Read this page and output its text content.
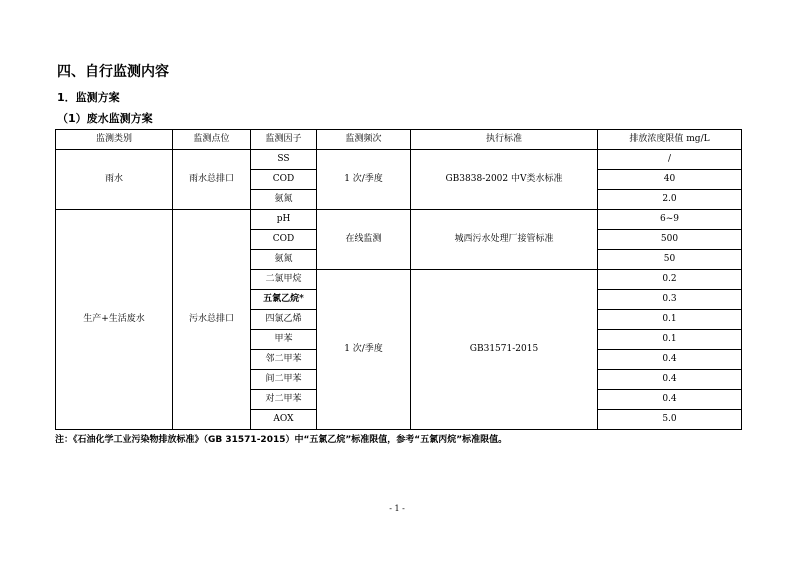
四、自行监测内容
1．监测方案
（1）废水监测方案
监测类别	监测点位	监测因子	监测频次	执行标准	排放浓度限值 mg/L
雨水	雨水总排口	SS	1 次/季度	GB3838-2002 中Ⅴ类水标准	/
		COD			40
		氨氮			2.0
生产+生活废水	污水总排口	pH	在线监测	城西污水处理厂接管标准	6~9
		COD			500
		氨氮			50
		二氯甲烷	1 次/季度	GB31571-2015	0.2
		五氯乙烷*			0.3
		四氯乙烯			0.1
		甲苯			0.1
		邻二甲苯			0.4
		间二甲苯			0.4
		对二甲苯			0.4
		AOX			5.0
注：《石油化学工业污染物排放标准》（GB 31571-2015）中“五氯乙烷”标准限值，参考“五氯丙烷”标准限值。
- 1 -
